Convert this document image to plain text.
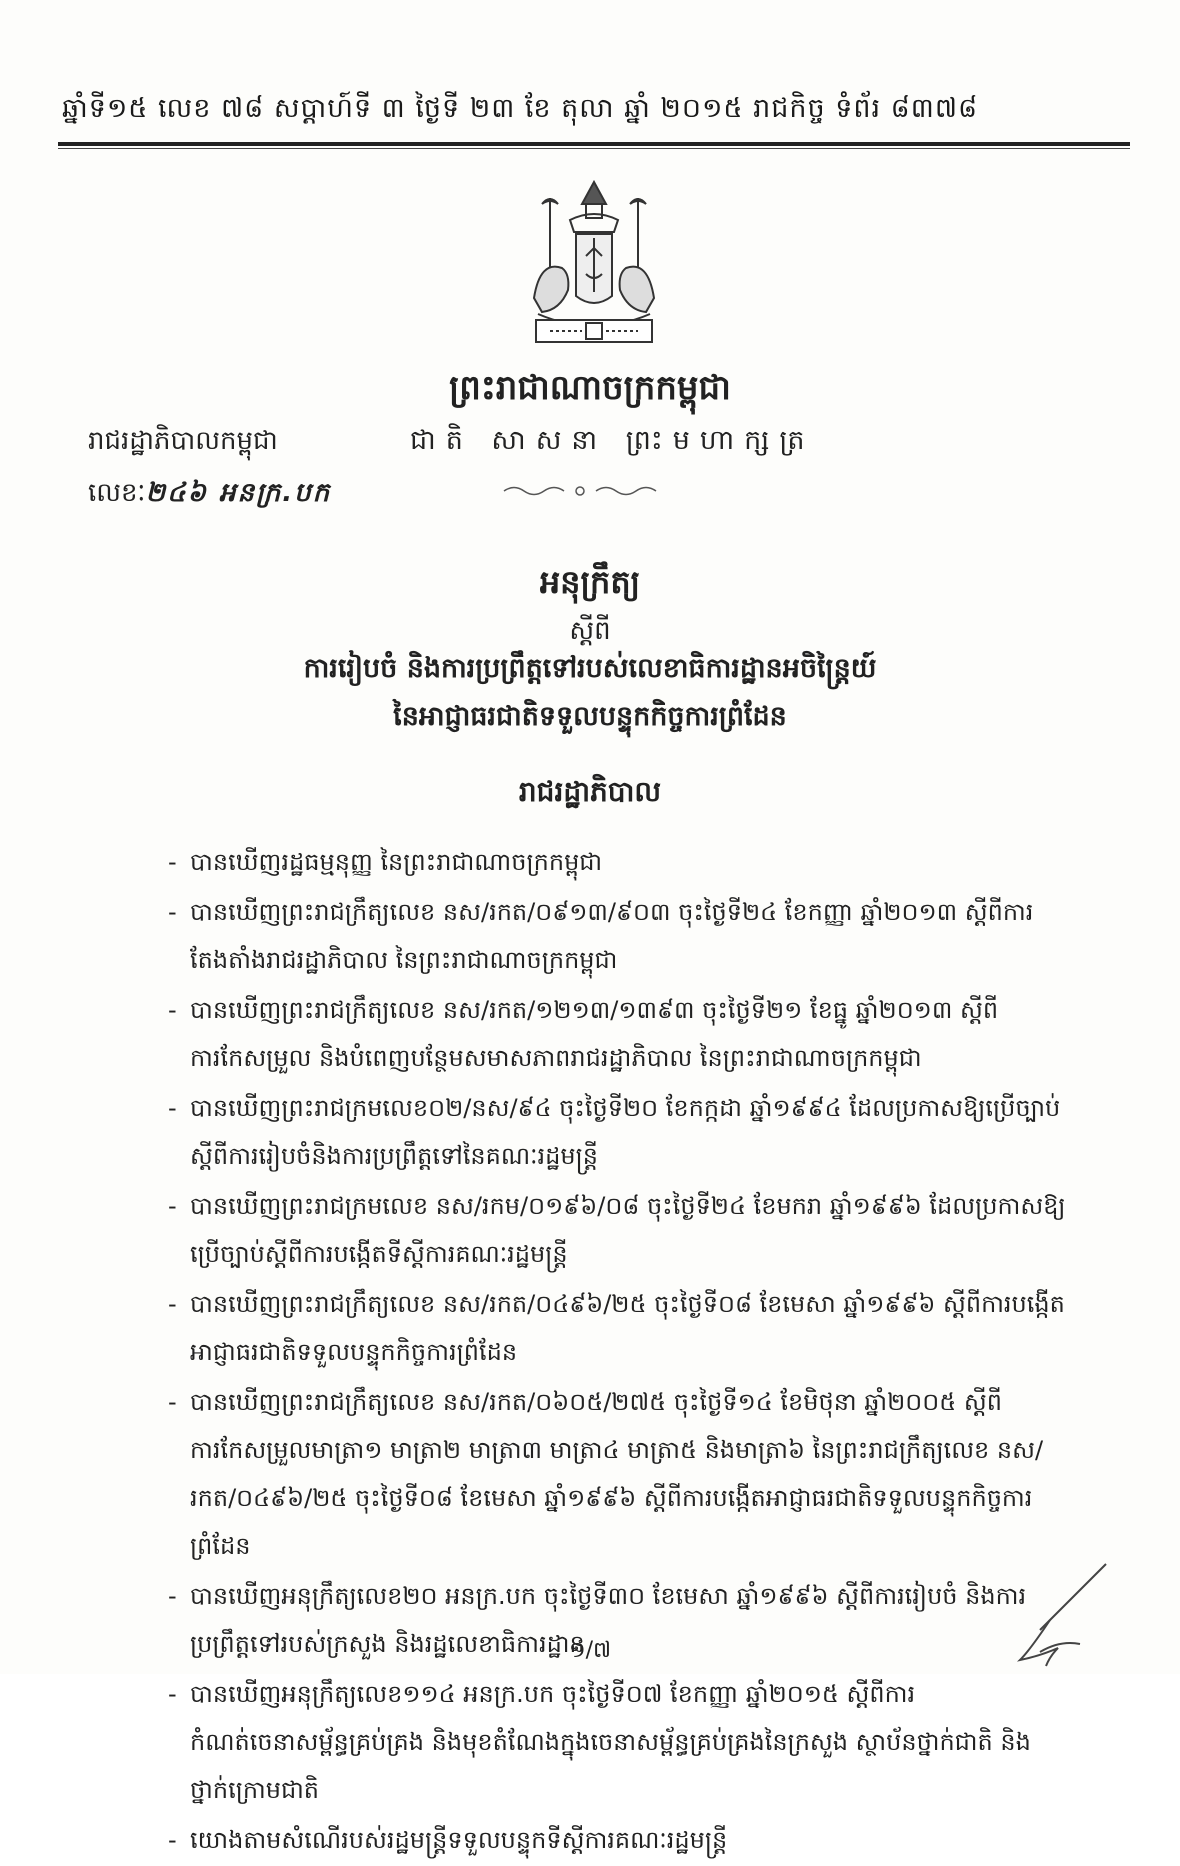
ឆ្នាំទី១៥ លេខ ៧៨ សប្តាហ៍ទី ៣ ថ្ងៃទី ២៣ ខែ តុលា ឆ្នាំ ២០១៥ រាជកិច្ច ទំព័រ ៨៣៧៨
ព្រះរាជាណាចក្រកម្ពុជា
រាជរដ្ឋាភិបាលកម្ពុជា	ជាតិ សាសនា ព្រះមហាក្សត្រ
លេខៈ២៤៦ អនក្រ.បក
អនុក្រឹត្យ
ស្តីពី
ការរៀបចំ និងការប្រព្រឹត្តទៅរបស់លេខាធិការដ្ឋានអចិន្ត្រៃយ៍
នៃអាជ្ញាធរជាតិទទួលបន្ទុកកិច្ចការព្រំដែន
រាជរដ្ឋាភិបាល
- បានឃើញរដ្ឋធម្មនុញ្ញ នៃព្រះរាជាណាចក្រកម្ពុជា
- បានឃើញព្រះរាជក្រឹត្យលេខ នស/រកត/០៩១៣/៩០៣ ចុះថ្ងៃទី២៤ ខែកញ្ញា ឆ្នាំ២០១៣ ស្តីពីការតែងតាំងរាជរដ្ឋាភិបាល នៃព្រះរាជាណាចក្រកម្ពុជា
- បានឃើញព្រះរាជក្រឹត្យលេខ នស/រកត/១២១៣/១៣៩៣ ចុះថ្ងៃទី២១ ខែធ្នូ ឆ្នាំ២០១៣ ស្តីពីការកែសម្រួល និងបំពេញបន្ថែមសមាសភាពរាជរដ្ឋាភិបាល នៃព្រះរាជាណាចក្រកម្ពុជា
- បានឃើញព្រះរាជក្រមលេខ០២/នស/៩៤ ចុះថ្ងៃទី២០ ខែកក្កដា ឆ្នាំ១៩៩៤ ដែលប្រកាសឱ្យប្រើច្បាប់ស្តីពីការរៀបចំនិងការប្រព្រឹត្តទៅនៃគណៈរដ្ឋមន្ត្រី
- បានឃើញព្រះរាជក្រមលេខ នស/រកម/០១៩៦/០៨ ចុះថ្ងៃទី២៤ ខែមករា ឆ្នាំ១៩៩៦ ដែលប្រកាសឱ្យប្រើច្បាប់ស្តីពីការបង្កើតទីស្តីការគណៈរដ្ឋមន្ត្រី
- បានឃើញព្រះរាជក្រឹត្យលេខ នស/រកត/០៤៩៦/២៥ ចុះថ្ងៃទី០៨ ខែមេសា ឆ្នាំ១៩៩៦ ស្តីពីការបង្កើតអាជ្ញាធរជាតិទទួលបន្ទុកកិច្ចការព្រំដែន
- បានឃើញព្រះរាជក្រឹត្យលេខ នស/រកត/០៦០៥/២៧៥ ចុះថ្ងៃទី១៤ ខែមិថុនា ឆ្នាំ២០០៥ ស្តីពីការកែសម្រួលមាត្រា១ មាត្រា២ មាត្រា៣ មាត្រា៤ មាត្រា៥ និងមាត្រា៦ នៃព្រះរាជក្រឹត្យលេខ នស/រកត/០៤៩៦/២៥ ចុះថ្ងៃទី០៨ ខែមេសា ឆ្នាំ១៩៩៦ ស្តីពីការបង្កើតអាជ្ញាធរជាតិទទួលបន្ទុកកិច្ចការព្រំដែន
- បានឃើញអនុក្រឹត្យលេខ២០ អនក្រ.បក ចុះថ្ងៃទី៣០ ខែមេសា ឆ្នាំ១៩៩៦ ស្តីពីការរៀបចំ និងការប្រព្រឹត្តទៅរបស់ក្រសួង និងរដ្ឋលេខាធិការដ្ឋាន
- បានឃើញអនុក្រឹត្យលេខ១១៤ អនក្រ.បក ចុះថ្ងៃទី០៧ ខែកញ្ញា ឆ្នាំ២០១៥ ស្តីពីការកំណត់ចេនាសម្ព័ន្ធគ្រប់គ្រង និងមុខតំណែងក្នុងចេនាសម្ព័ន្ធគ្រប់គ្រងនៃក្រសួង ស្ថាប័នថ្នាក់ជាតិ និងថ្នាក់ក្រោមជាតិ
- យោងតាមសំណើរបស់រដ្ឋមន្ត្រីទទួលបន្ទុកទីស្តីការគណៈរដ្ឋមន្ត្រី
១/៧
